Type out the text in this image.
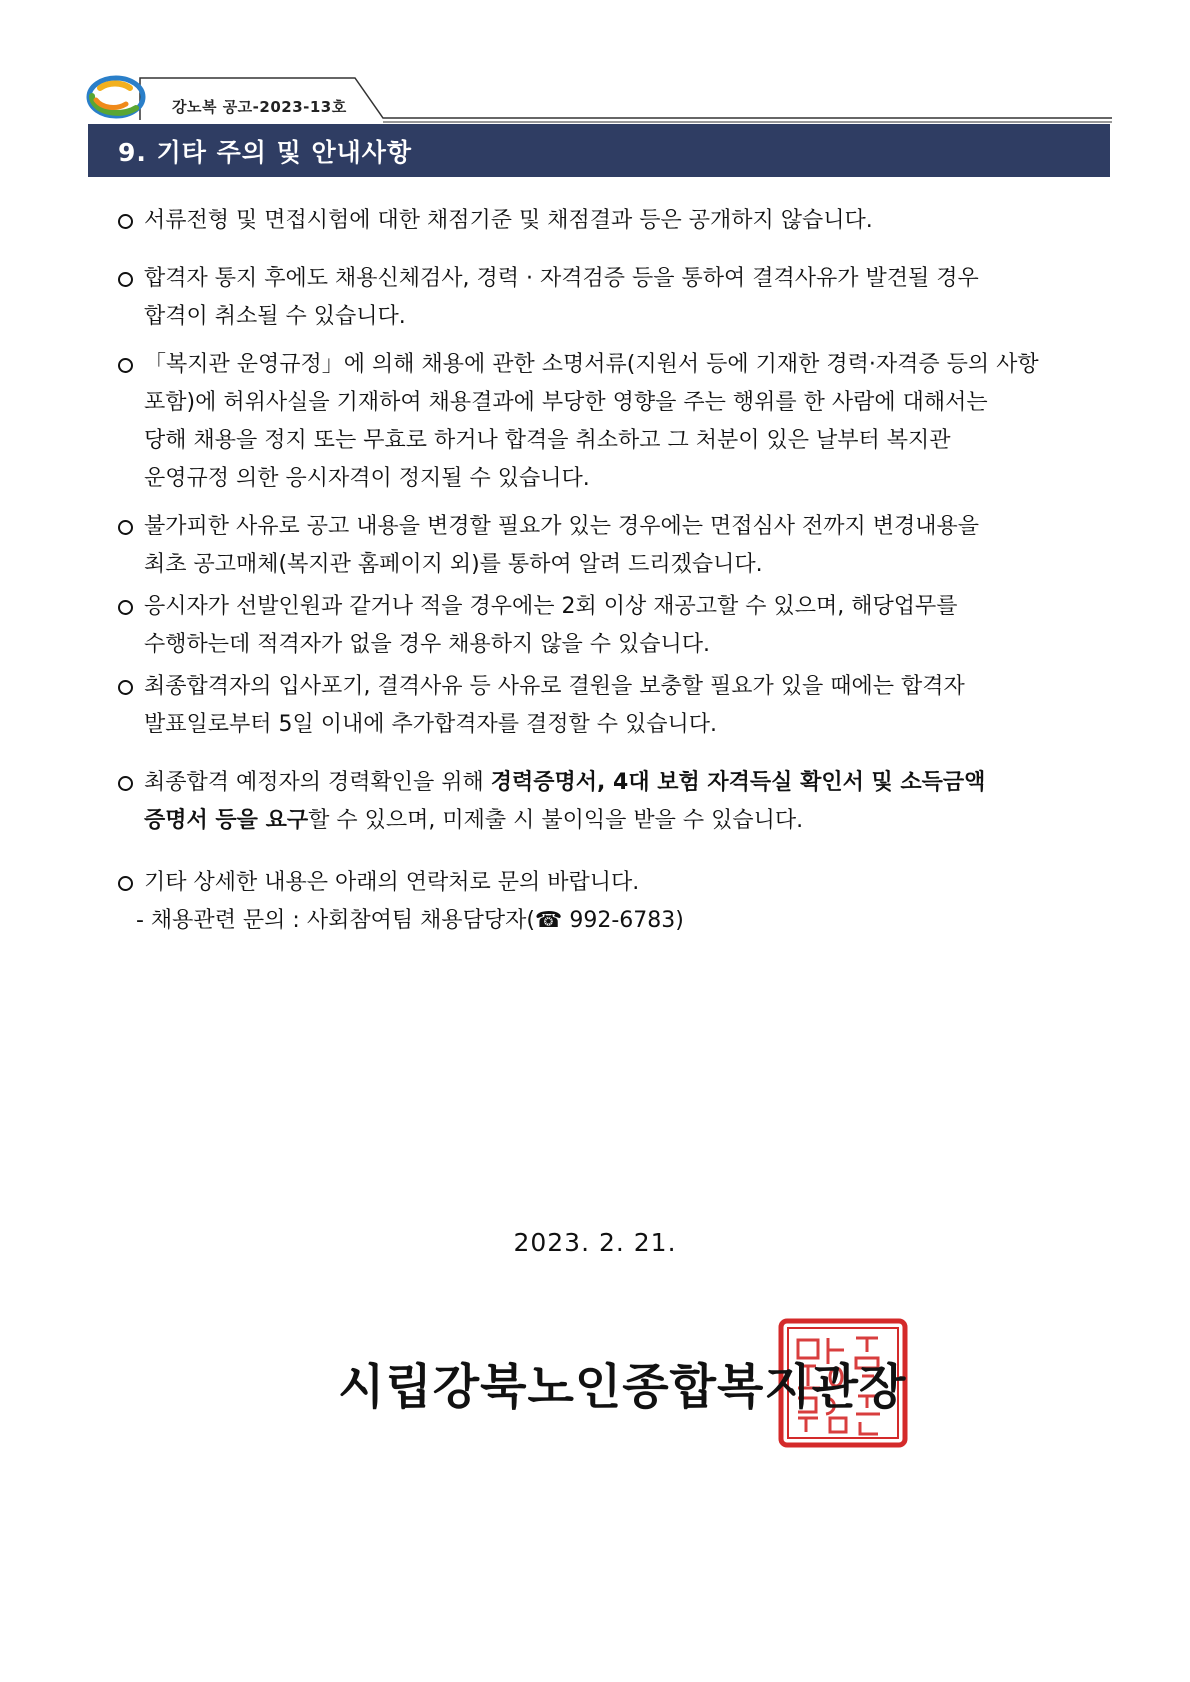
강노복 공고-2023-13호
9. 기타 주의 및 안내사항
서류전형 및 면접시험에 대한 채점기준 및 채점결과 등은 공개하지 않습니다.
합격자 통지 후에도 채용신체검사, 경력 · 자격검증 등을 통하여 결격사유가 발견될 경우
합격이 취소될 수 있습니다.
「복지관 운영규정」에 의해 채용에 관한 소명서류(지원서 등에 기재한 경력·자격증 등의 사항
포함)에 허위사실을 기재하여 채용결과에 부당한 영향을 주는 행위를 한 사람에 대해서는
당해 채용을 정지 또는 무효로 하거나 합격을 취소하고 그 처분이 있은 날부터 복지관
운영규정 의한 응시자격이 정지될 수 있습니다.
불가피한 사유로 공고 내용을 변경할 필요가 있는 경우에는 면접심사 전까지 변경내용을
최초 공고매체(복지관 홈페이지 외)를 통하여 알려 드리겠습니다.
응시자가 선발인원과 같거나 적을 경우에는 2회 이상 재공고할 수 있으며, 해당업무를
수행하는데 적격자가 없을 경우 채용하지 않을 수 있습니다.
최종합격자의 입사포기, 결격사유 등 사유로 결원을 보충할 필요가 있을 때에는 합격자
발표일로부터 5일 이내에 추가합격자를 결정할 수 있습니다.
최종합격 예정자의 경력확인을 위해 경력증명서, 4대 보험 자격득실 확인서 및 소득금액
증명서 등을 요구할 수 있으며, 미제출 시 불이익을 받을 수 있습니다.
기타 상세한 내용은 아래의 연락처로 문의 바랍니다.
- 채용관련 문의 : 사회참여팀 채용담당자(☎ 992-6783)
2023. 2. 21.
시립강북노인종합복지관장
